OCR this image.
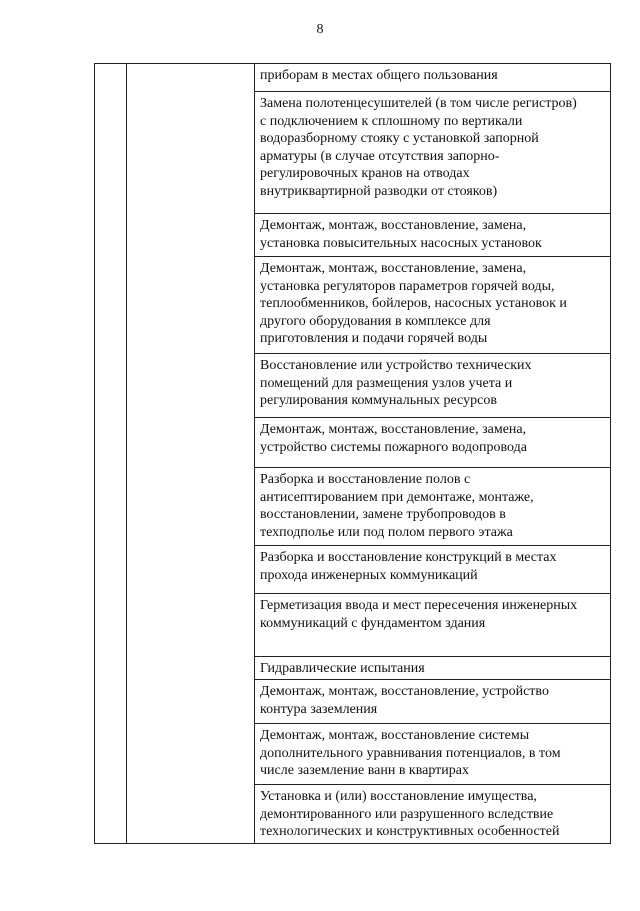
8
приборам в местах общего пользования
Замена полотенцесушителей (в том числе регистров)
с подключением к сплошному по вертикали
водоразборному стояку с установкой запорной
арматуры (в случае отсутствия запорно-
регулировочных кранов на отводах
внутриквартирной разводки от стояков)
Демонтаж, монтаж, восстановление, замена,
установка повысительных насосных установок
Демонтаж, монтаж, восстановление, замена,
установка регуляторов параметров горячей воды,
теплообменников, бойлеров, насосных установок и
другого оборудования в комплексе для
приготовления и подачи горячей воды
Восстановление или устройство технических
помещений для размещения узлов учета и
регулирования коммунальных ресурсов
Демонтаж, монтаж, восстановление, замена,
устройство системы пожарного водопровода
Разборка и восстановление полов с
антисептированием при демонтаже, монтаже,
восстановлении, замене трубопроводов в
техподполье или под полом первого этажа
Разборка и восстановление конструкций в местах
прохода инженерных коммуникаций
Герметизация ввода и мест пересечения инженерных
коммуникаций с фундаментом здания
Гидравлические испытания
Демонтаж, монтаж, восстановление, устройство
контура заземления
Демонтаж, монтаж, восстановление системы
дополнительного уравнивания потенциалов, в том
числе заземление ванн в квартирах
Установка и (или) восстановление имущества,
демонтированного или разрушенного вследствие
технологических и конструктивных особенностей
